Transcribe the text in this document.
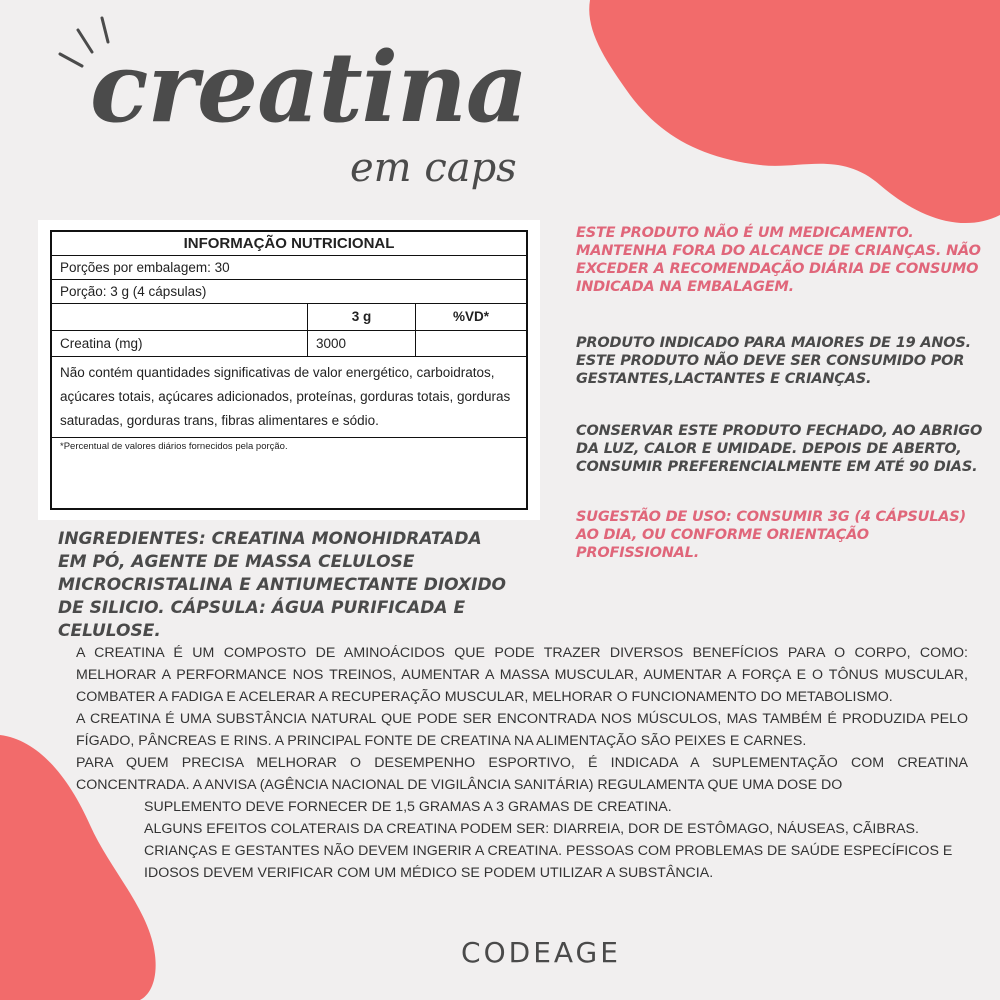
creatina
em caps
INFORMAÇÃO NUTRICIONAL
Porções por embalagem: 30
Porção: 3 g (4 cápsulas)
3 g	%VD*
Creatina (mg)	3000
Não contém quantidades significativas de valor energético, carboidratos, açúcares totais, açúcares adicionados, proteínas, gorduras totais, gorduras saturadas, gorduras trans, fibras alimentares e sódio.
*Percentual de valores diários fornecidos pela porção.
INGREDIENTES: CREATINA MONOHIDRATADA EM PÓ, AGENTE DE MASSA CELULOSE MICROCRISTALINA E ANTIUMECTANTE DIOXIDO DE SILICIO. CÁPSULA: ÁGUA PURIFICADA E CELULOSE.
ESTE PRODUTO NÃO É UM MEDICAMENTO. MANTENHA FORA DO ALCANCE DE CRIANÇAS. NÃO EXCEDER A RECOMENDAÇÃO DIÁRIA DE CONSUMO INDICADA NA EMBALAGEM.
PRODUTO INDICADO PARA MAIORES DE 19 ANOS. ESTE PRODUTO NÃO DEVE SER CONSUMIDO POR GESTANTES,LACTANTES E CRIANÇAS.
CONSERVAR ESTE PRODUTO FECHADO, AO ABRIGO DA LUZ, CALOR E UMIDADE. DEPOIS DE ABERTO, CONSUMIR PREFERENCIALMENTE EM ATÉ 90 DIAS.
SUGESTÃO DE USO: CONSUMIR 3G (4 CÁPSULAS) AO DIA, OU CONFORME ORIENTAÇÃO PROFISSIONAL.

A CREATINA É UM COMPOSTO DE AMINOÁCIDOS QUE PODE TRAZER DIVERSOS BENEFÍCIOS PARA O CORPO, COMO: MELHORAR A PERFORMANCE NOS TREINOS, AUMENTAR A MASSA MUSCULAR, AUMENTAR A FORÇA E O TÔNUS MUSCULAR, COMBATER A FADIGA E ACELERAR A RECUPERAÇÃO MUSCULAR, MELHORAR O FUNCIONAMENTO DO METABOLISMO.

A CREATINA É UMA SUBSTÂNCIA NATURAL QUE PODE SER ENCONTRADA NOS MÚSCULOS, MAS TAMBÉM É PRODUZIDA PELO FÍGADO, PÂNCREAS E RINS. A PRINCIPAL FONTE DE CREATINA NA ALIMENTAÇÃO SÃO PEIXES E CARNES.

PARA QUEM PRECISA MELHORAR O DESEMPENHO ESPORTIVO, É INDICADA A SUPLEMENTAÇÃO COM CREATINA CONCENTRADA. A ANVISA (AGÊNCIA NACIONAL DE VIGILÂNCIA SANITÁRIA) REGULAMENTA QUE UMA DOSE DO

SUPLEMENTO DEVE FORNECER DE 1,5 GRAMAS A 3 GRAMAS DE CREATINA.

ALGUNS EFEITOS COLATERAIS DA CREATINA PODEM SER: DIARREIA, DOR DE ESTÔMAGO, NÁUSEAS, CÃIBRAS. CRIANÇAS E GESTANTES NÃO DEVEM INGERIR A CREATINA. PESSOAS COM PROBLEMAS DE SAÚDE ESPECÍFICOS E IDOSOS DEVEM VERIFICAR COM UM MÉDICO SE PODEM UTILIZAR A SUBSTÂNCIA.

CODEAGE
